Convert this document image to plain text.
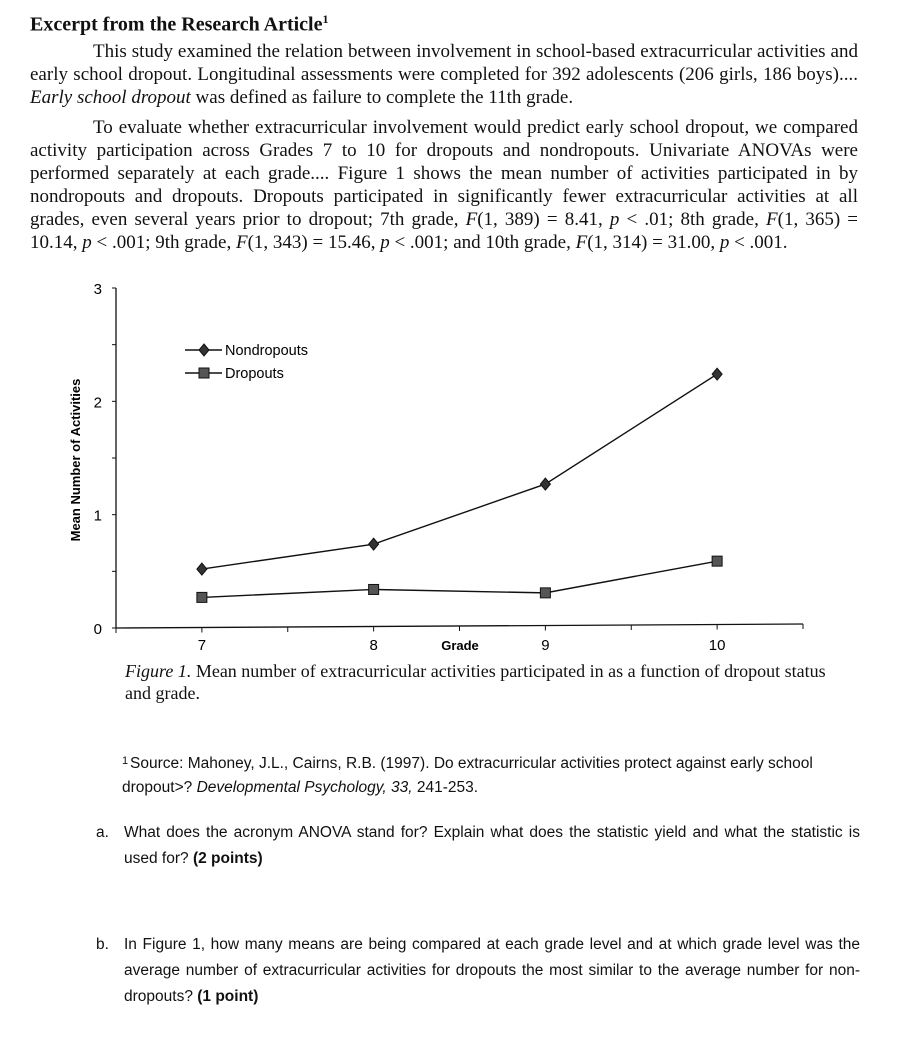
Excerpt from the Research Article$^1$

This study examined the relation between involvement in school-based extracurricular activities and early school dropout. Longitudinal assessments were completed for 392 adolescents (206 girls, 186 boys).... Early school dropout was defined as failure to complete the 11th grade.

To evaluate whether extracurricular involvement would predict early school dropout, we compared activity participation across Grades 7 to 10 for dropouts and nondropouts. Univariate ANOVAs were performed separately at each grade.... Figure 1 shows the mean number of activities participated in by nondropouts and dropouts. Dropouts participated in significantly fewer extracurricular activities at all grades, even several years prior to dropout; 7th grade, F(1, 389) = 8.41, p < .01; 8th grade, F(1, 365) = 10.14, p < .001; 9th grade, F(1, 343) = 15.46, p < .001; and 10th grade, F(1, 314) = 31.00, p < .001.

0
1
2
3
7	8	9	10
Grade
Mean Number of Activities
Nondropouts
Dropouts
Figure 1. Mean number of extracurricular activities participated in as a function of dropout status and grade.
1 Source: Mahoney, J.L., Cairns, R.B. (1997). Do extracurricular activities protect against early school dropout>? Developmental Psychology, 33, 241-253.
a. What does the acronym ANOVA stand for? Explain what does the statistic yield and what the statistic is used for? (2 points)
b. In Figure 1, how many means are being compared at each grade level and at which grade level was the average number of extracurricular activities for dropouts the most similar to the average number for non-dropouts? (1 point)
